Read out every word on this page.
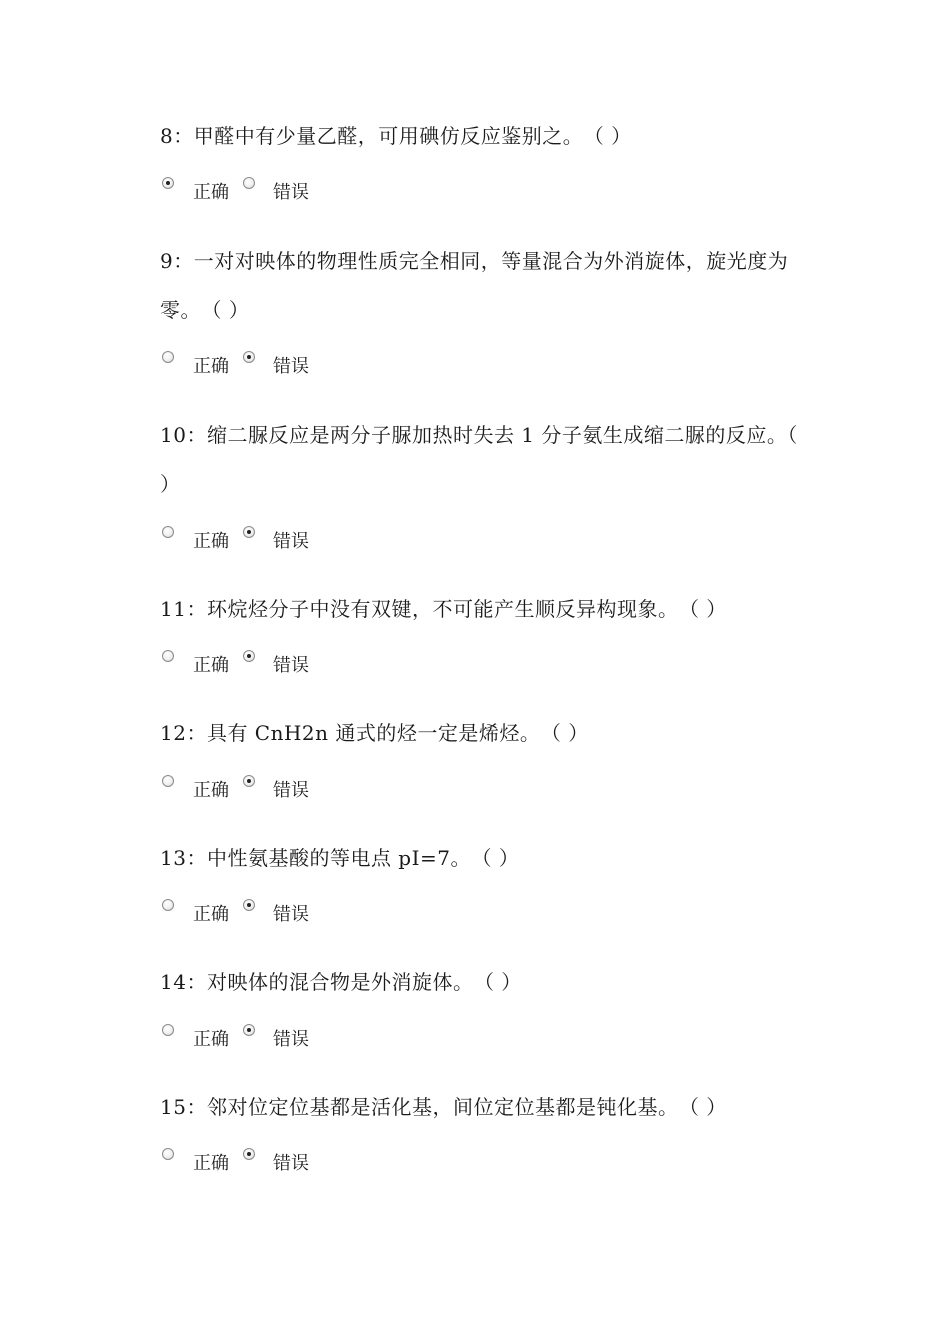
8：甲醛中有少量乙醛，可用碘仿反应鉴别之。　（ ）
正确 错误
9：一对对映体的物理性质完全相同，等量混合为外消旋体，旋光度为零。　（ ）
正确 错误
10：缩二脲反应是两分子脲加热时失去 1 分子氨生成缩二脲的反应。（ ）
正确 错误
11：环烷烃分子中没有双键，不可能产生顺反异构现象。　（ ）
正确 错误
12：具有 CnH2n 通式的烃一定是烯烃。　（ ）
正确 错误
13：中性氨基酸的等电点 pI=7。　（ ）
正确 错误
14：对映体的混合物是外消旋体。　（ ）
正确 错误
15：邻对位定位基都是活化基，间位定位基都是钝化基。　（ ）
正确 错误
